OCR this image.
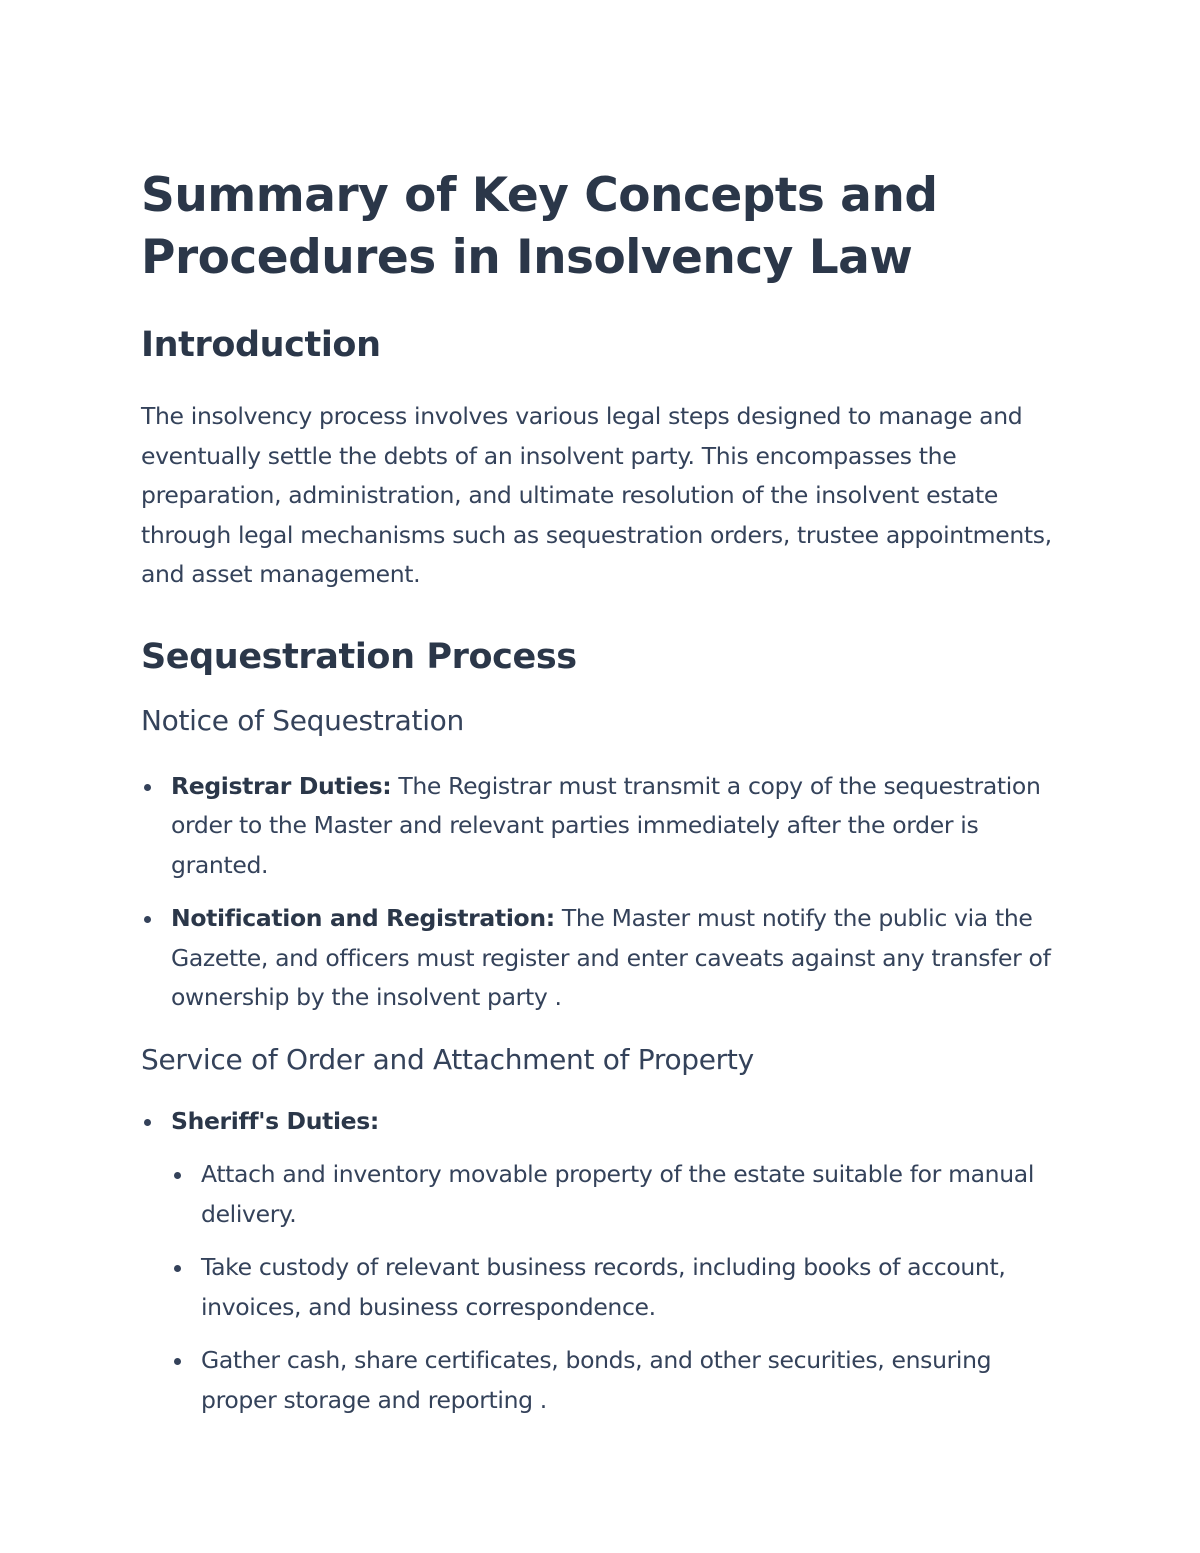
Summary of Key Concepts and Procedures in Insolvency Law
Introduction

The insolvency process involves various legal steps designed to manage and eventually settle the debts of an insolvent party. This encompasses the preparation, administration, and ultimate resolution of the insolvent estate through legal mechanisms such as sequestration orders, trustee appointments, and asset management.

Sequestration Process
Notice of Sequestration
Registrar Duties: The Registrar must transmit a copy of the sequestration order to the Master and relevant parties immediately after the order is granted.
Notification and Registration: The Master must notify the public via the Gazette, and officers must register and enter caveats against any transfer of ownership by the insolvent party .
Service of Order and Attachment of Property
Sheriff's Duties:
Attach and inventory movable property of the estate suitable for manual delivery.
Take custody of relevant business records, including books of account, invoices, and business correspondence.
Gather cash, share certificates, bonds, and other securities, ensuring proper storage and reporting .
